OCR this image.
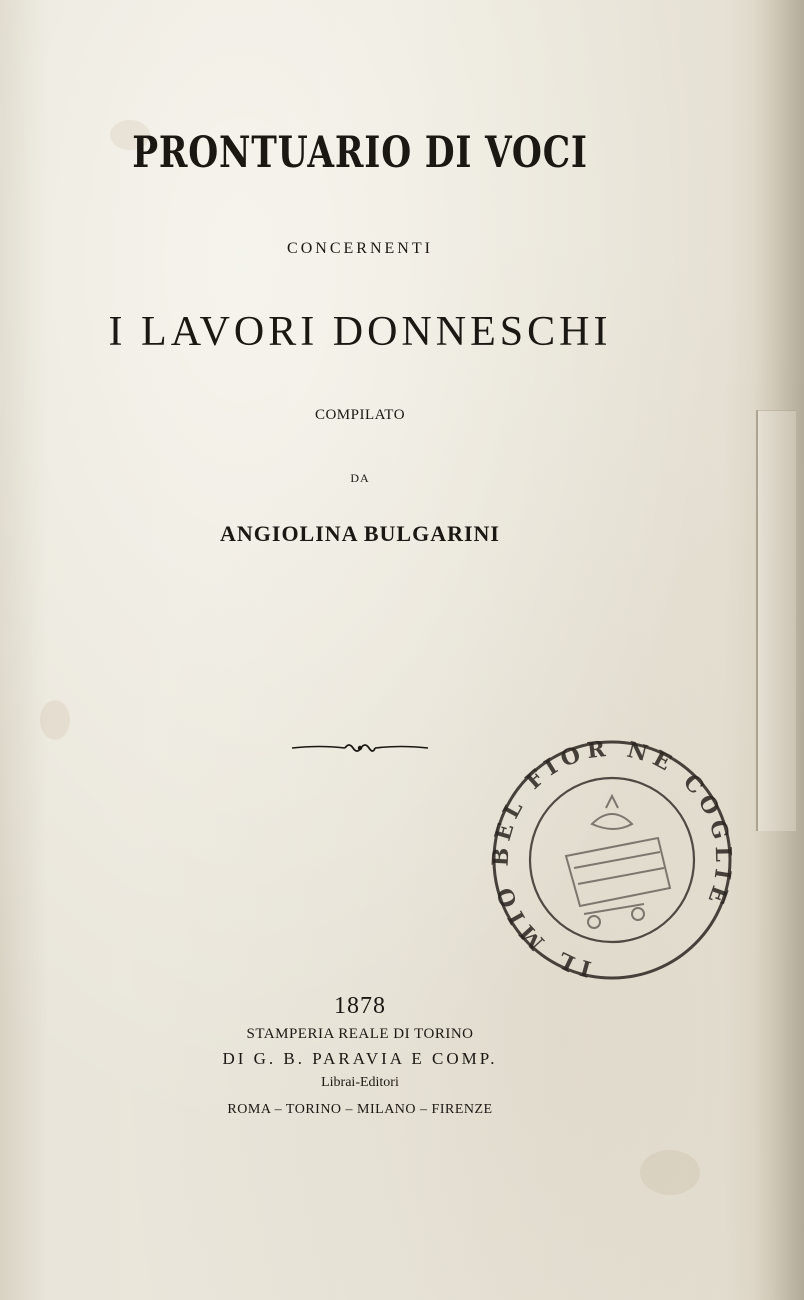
PRONTUARIO DI VOCI
CONCERNENTI
I LAVORI DONNESCHI
COMPILATO
DA
ANGIOLINA BULGARINI
1878
STAMPERIA REALE DI TORINO
DI G. B. PARAVIA E COMP.
Librai-Editori
ROMA – TORINO – MILANO – FIRENZE
IL MIO BEL FIOR NE COGLIE
